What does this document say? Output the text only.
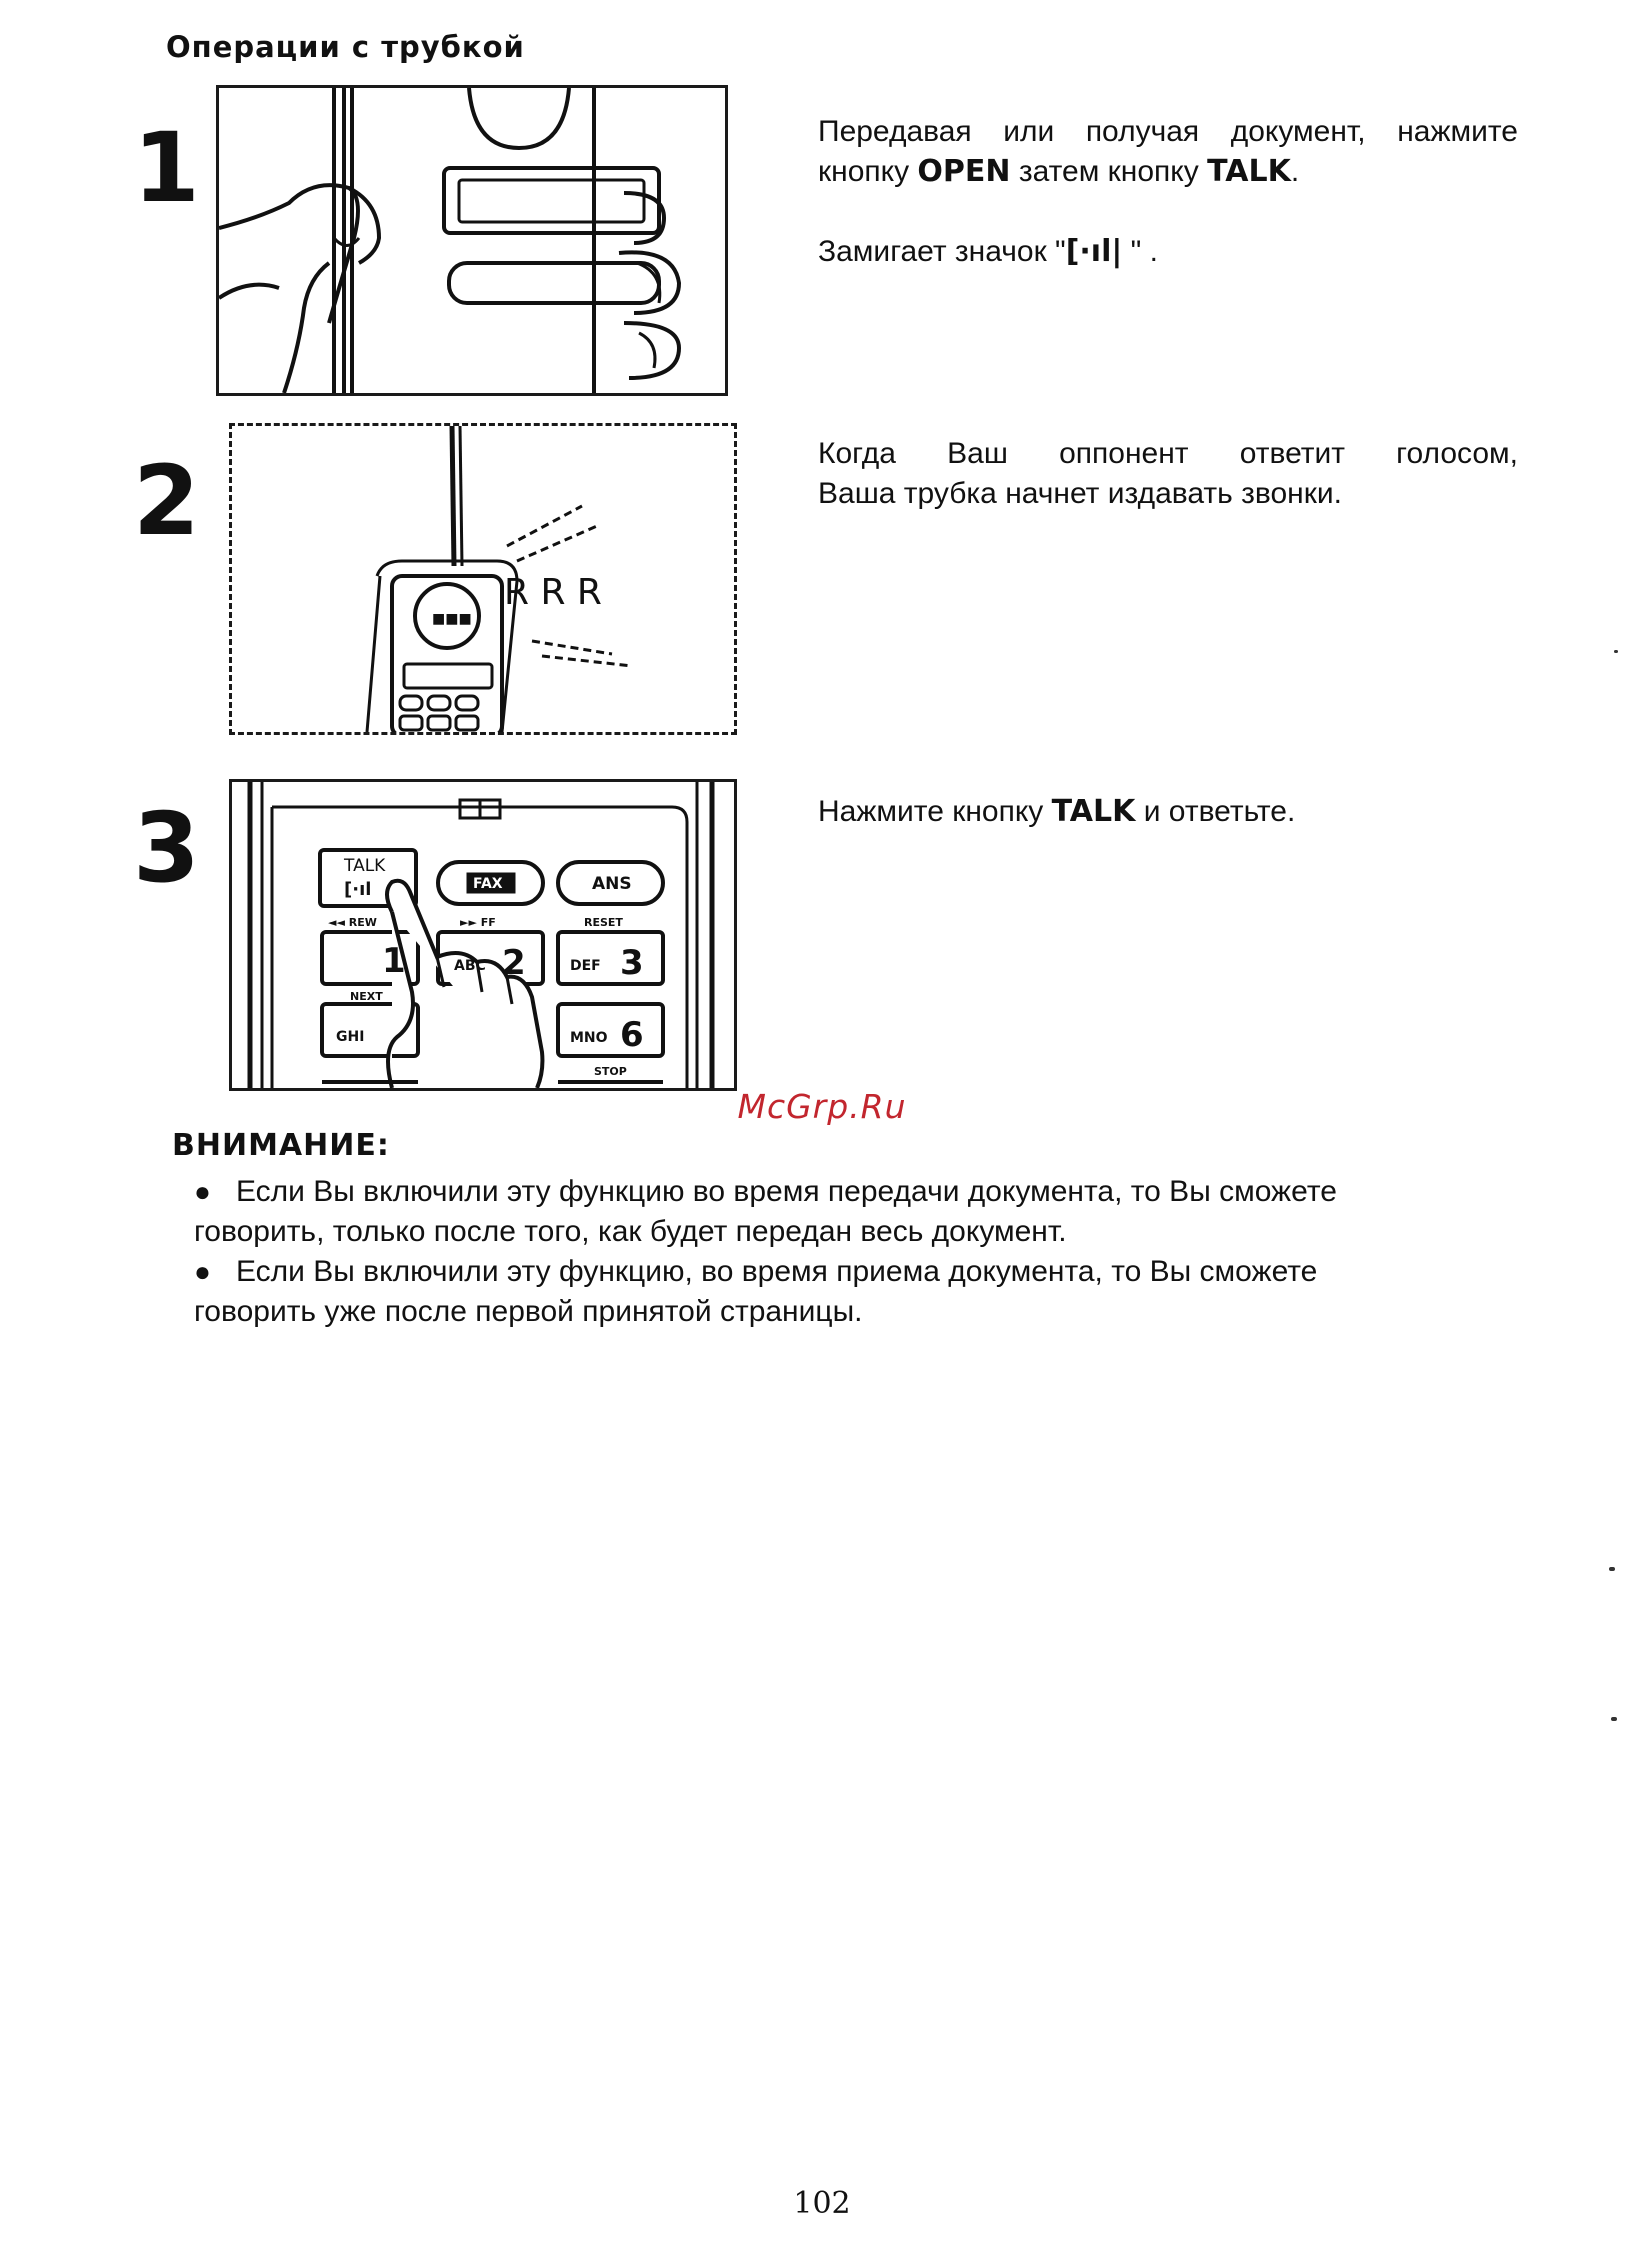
Операции с трубкой
1	Передавая или получая документ, нажмите
кнопку OPEN затем кнопку TALK.
Замигает значок "[·ıl| " .
2
■■■
R R R
Когда Ваш оппонент ответит голосом,
Ваша трубка начнет издавать звонки.
3	TALK
[·ıl	FAX	ANS
◄◄ REW	►► FF	RESET
1	ABC 2	DEF 3
NEXT
GHI	MNO 6
STOP
Нажмите кнопку TALK и ответьте.
McGrp.Ru
ВНИМАНИЕ:
● Если Вы включили эту функцию во время передачи документа, то Вы сможете
говорить, только после того, как будет передан весь документ.
● Если Вы включили эту функцию, во время приема документа, то Вы сможете
говорить уже после первой принятой страницы.
102
